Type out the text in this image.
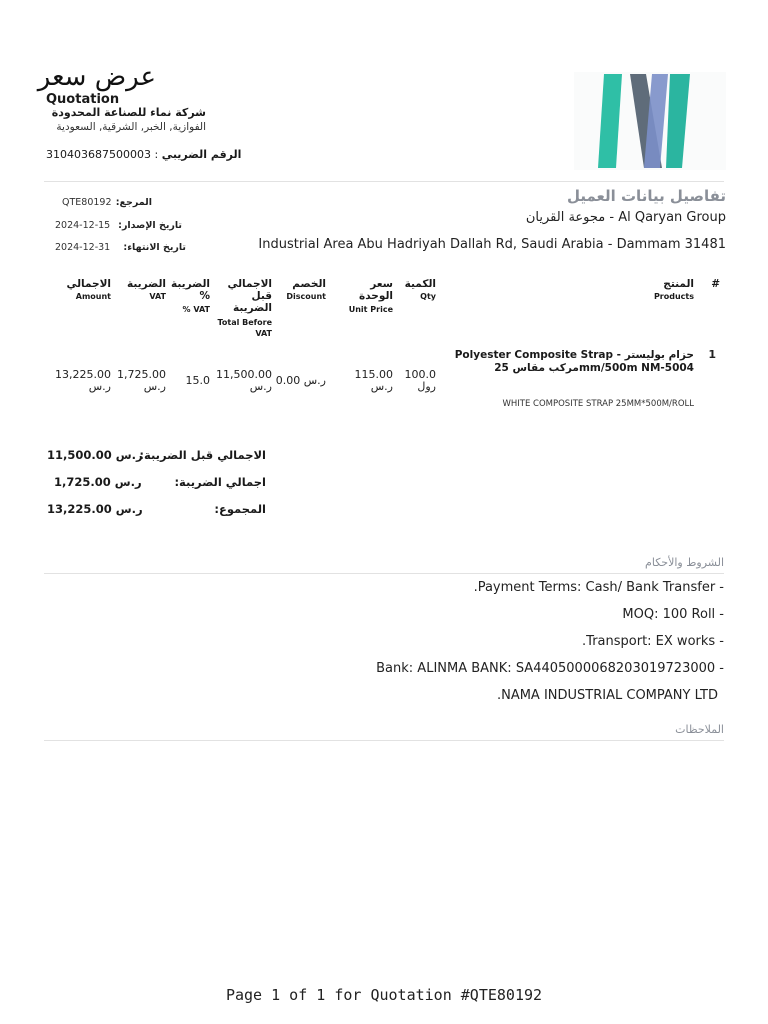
عرض سعر
Quotation
شركة نماء للصناعة المحدودة
الفوازية, الخبر, الشرقية, السعودية
310403687500003 : الرقم الضريبي
المرجع:
QTE80192
تاريخ الإصدار:
2024-12-15
تاريخ الانتهاء:
2024-12-31
تفاصيل بيانات العميل
مجوعة القريان - Al Qaryan Group
Industrial Area Abu Hadriyah Dallah Rd, Saudi Arabia - Dammam 31481
#
المنتج
Products
الكمية
Qty
سعر الوحدة
Unit Price
الخصم
Discount
الاجمالي قبل الضريبة
Total Before VAT
الضريبة %
% VAT
الضريبة
VAT
الاجمالي
Amount
1
Polyester Composite Strap - حزام بوليستر مركب مقاس 25mm/500m NM-5004
WHITE COMPOSITE STRAP 25MM*500M/ROLL
100.0
رول
115.00
ر.س
0.00 ر.س
11,500.00
ر.س
15.0
1,725.00
ر.س
13,225.00
ر.س
الاجمالي قبل الضريبة:
11,500.00 ر.س
اجمالي الضريبة:
1,725.00 ر.س
المجموع:
13,225.00 ر.س
الشروط والأحكام
- Payment Terms: Cash/ Bank Transfer.
- MOQ: 100 Roll
- Transport: EX works.
- Bank: ALINMA BANK: SA4405000068203019723000
NAMA INDUSTRIAL COMPANY LTD.
الملاحظات
Page 1 of 1 for Quotation #QTE80192
